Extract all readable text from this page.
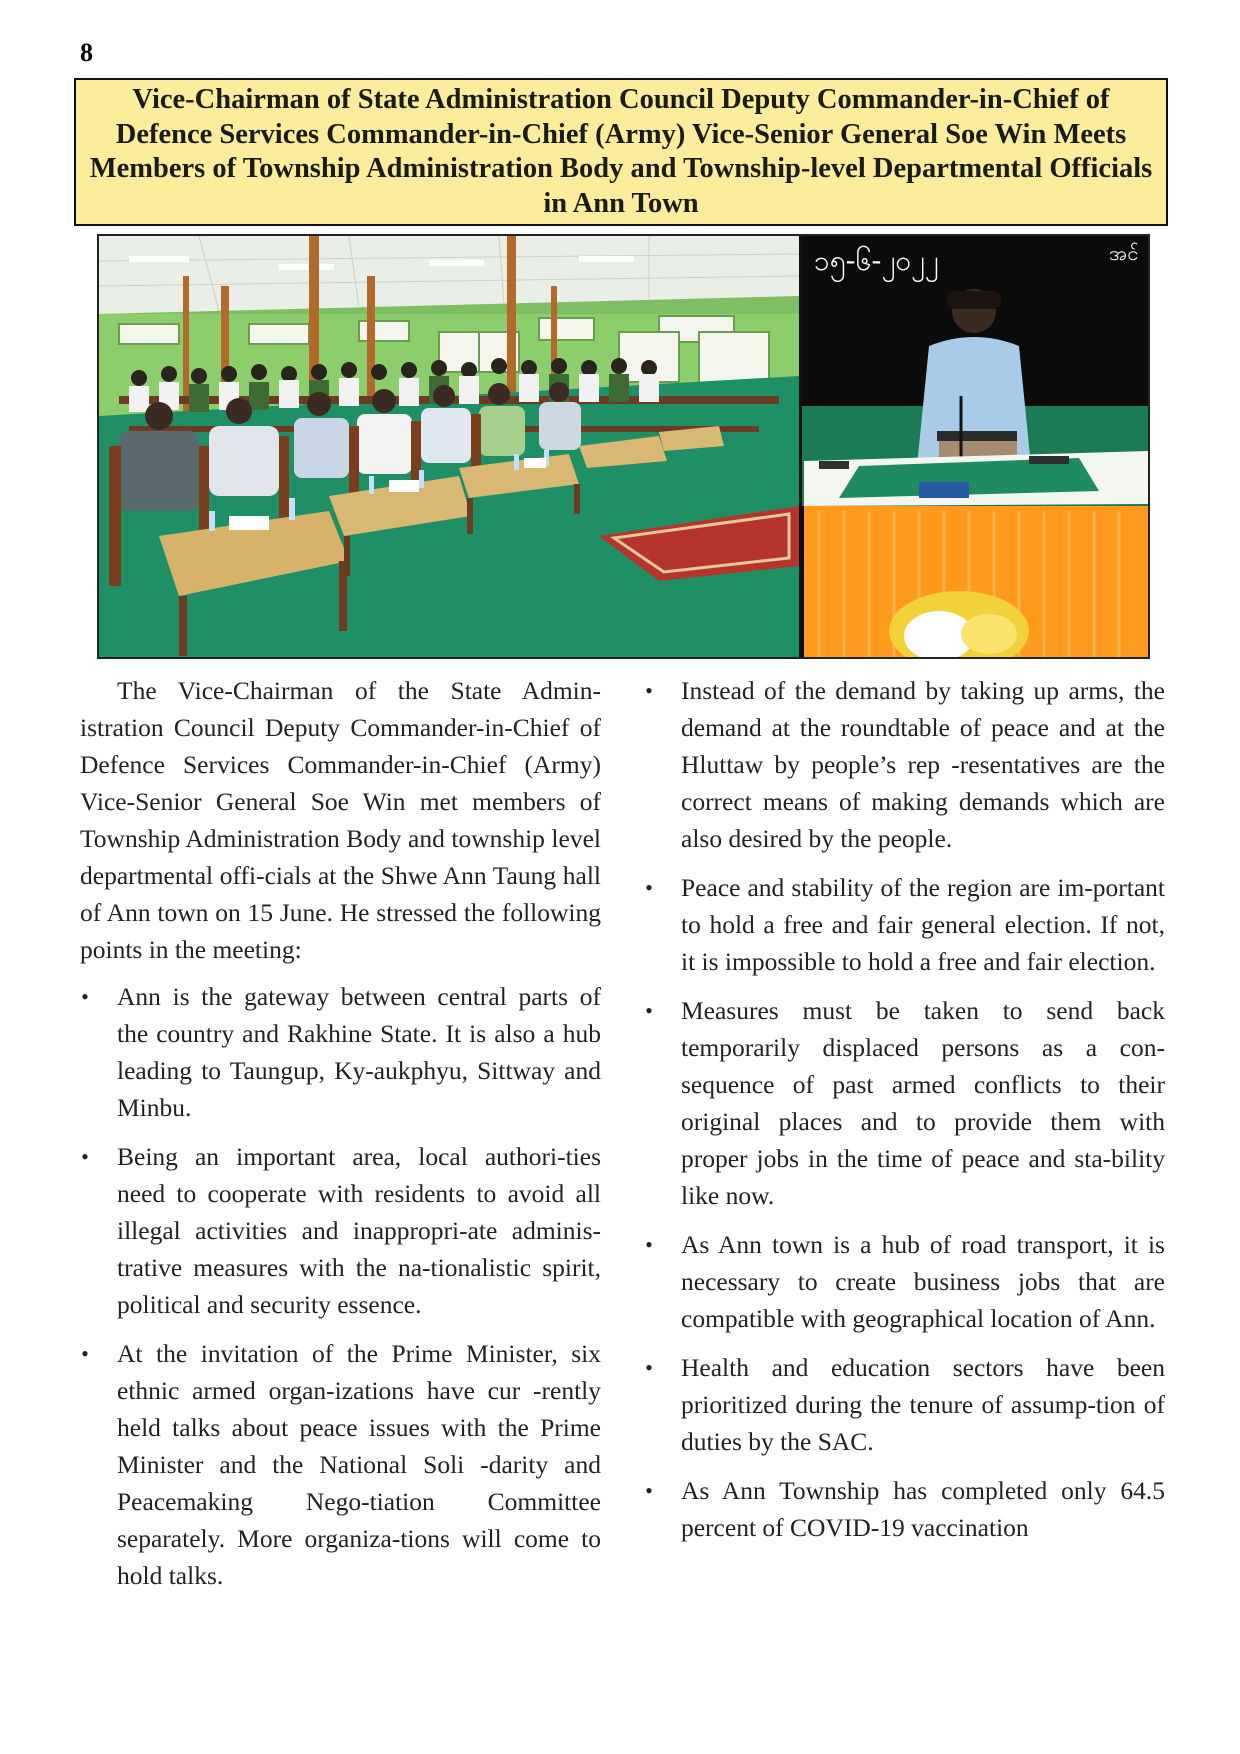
8
Vice-Chairman of State Administration Council Deputy Commander-in-Chief of Defence Services Commander-in-Chief (Army) Vice-Senior General Soe Win Meets Members of Township Administration Body and Township-level Departmental Officials in Ann Town
၁၅-၆-၂၀၂၂	အင်

The Vice-Chairman of the State Admin-istration Council Deputy Commander-in-Chief of Defence Services Commander-in-Chief (Army) Vice-Senior General Soe Win met members of Township Administration Body and township level departmental offi-cials at the Shwe Ann Taung hall of Ann town on 15 June. He stressed the following points in the meeting:

• Ann is the gateway between central parts of the country and Rakhine State. It is also a hub leading to Taungup, Ky-aukphyu, Sittway and Minbu.
• Being an important area, local authori-ties need to cooperate with residents to avoid all illegal activities and inappropri-ate adminis-trative measures with the na-tionalistic spirit, political and security essence.
• At the invitation of the Prime Minister, six ethnic armed organ-izations have cur -rently held talks about peace issues with the Prime Minister and the National Soli -darity and Peacemaking Nego-tiation Committee separately. More organiza-tions will come to hold talks.
• Instead of the demand by taking up arms, the demand at the roundtable of peace and at the Hluttaw by people’s rep -resentatives are the correct means of making demands which are also desired by the people.
• Peace and stability of the region are im-portant to hold a free and fair general election. If not, it is impossible to hold a free and fair election.
• Measures must be taken to send back temporarily displaced persons as a con-sequence of past armed conflicts to their original places and to provide them with proper jobs in the time of peace and sta-bility like now.
• As Ann town is a hub of road transport, it is necessary to create business jobs that are compatible with geographical location of Ann.
• Health and education sectors have been prioritized during the tenure of assump-tion of duties by the SAC.
• As Ann Township has completed only 64.5 percent of COVID-19 vaccination
